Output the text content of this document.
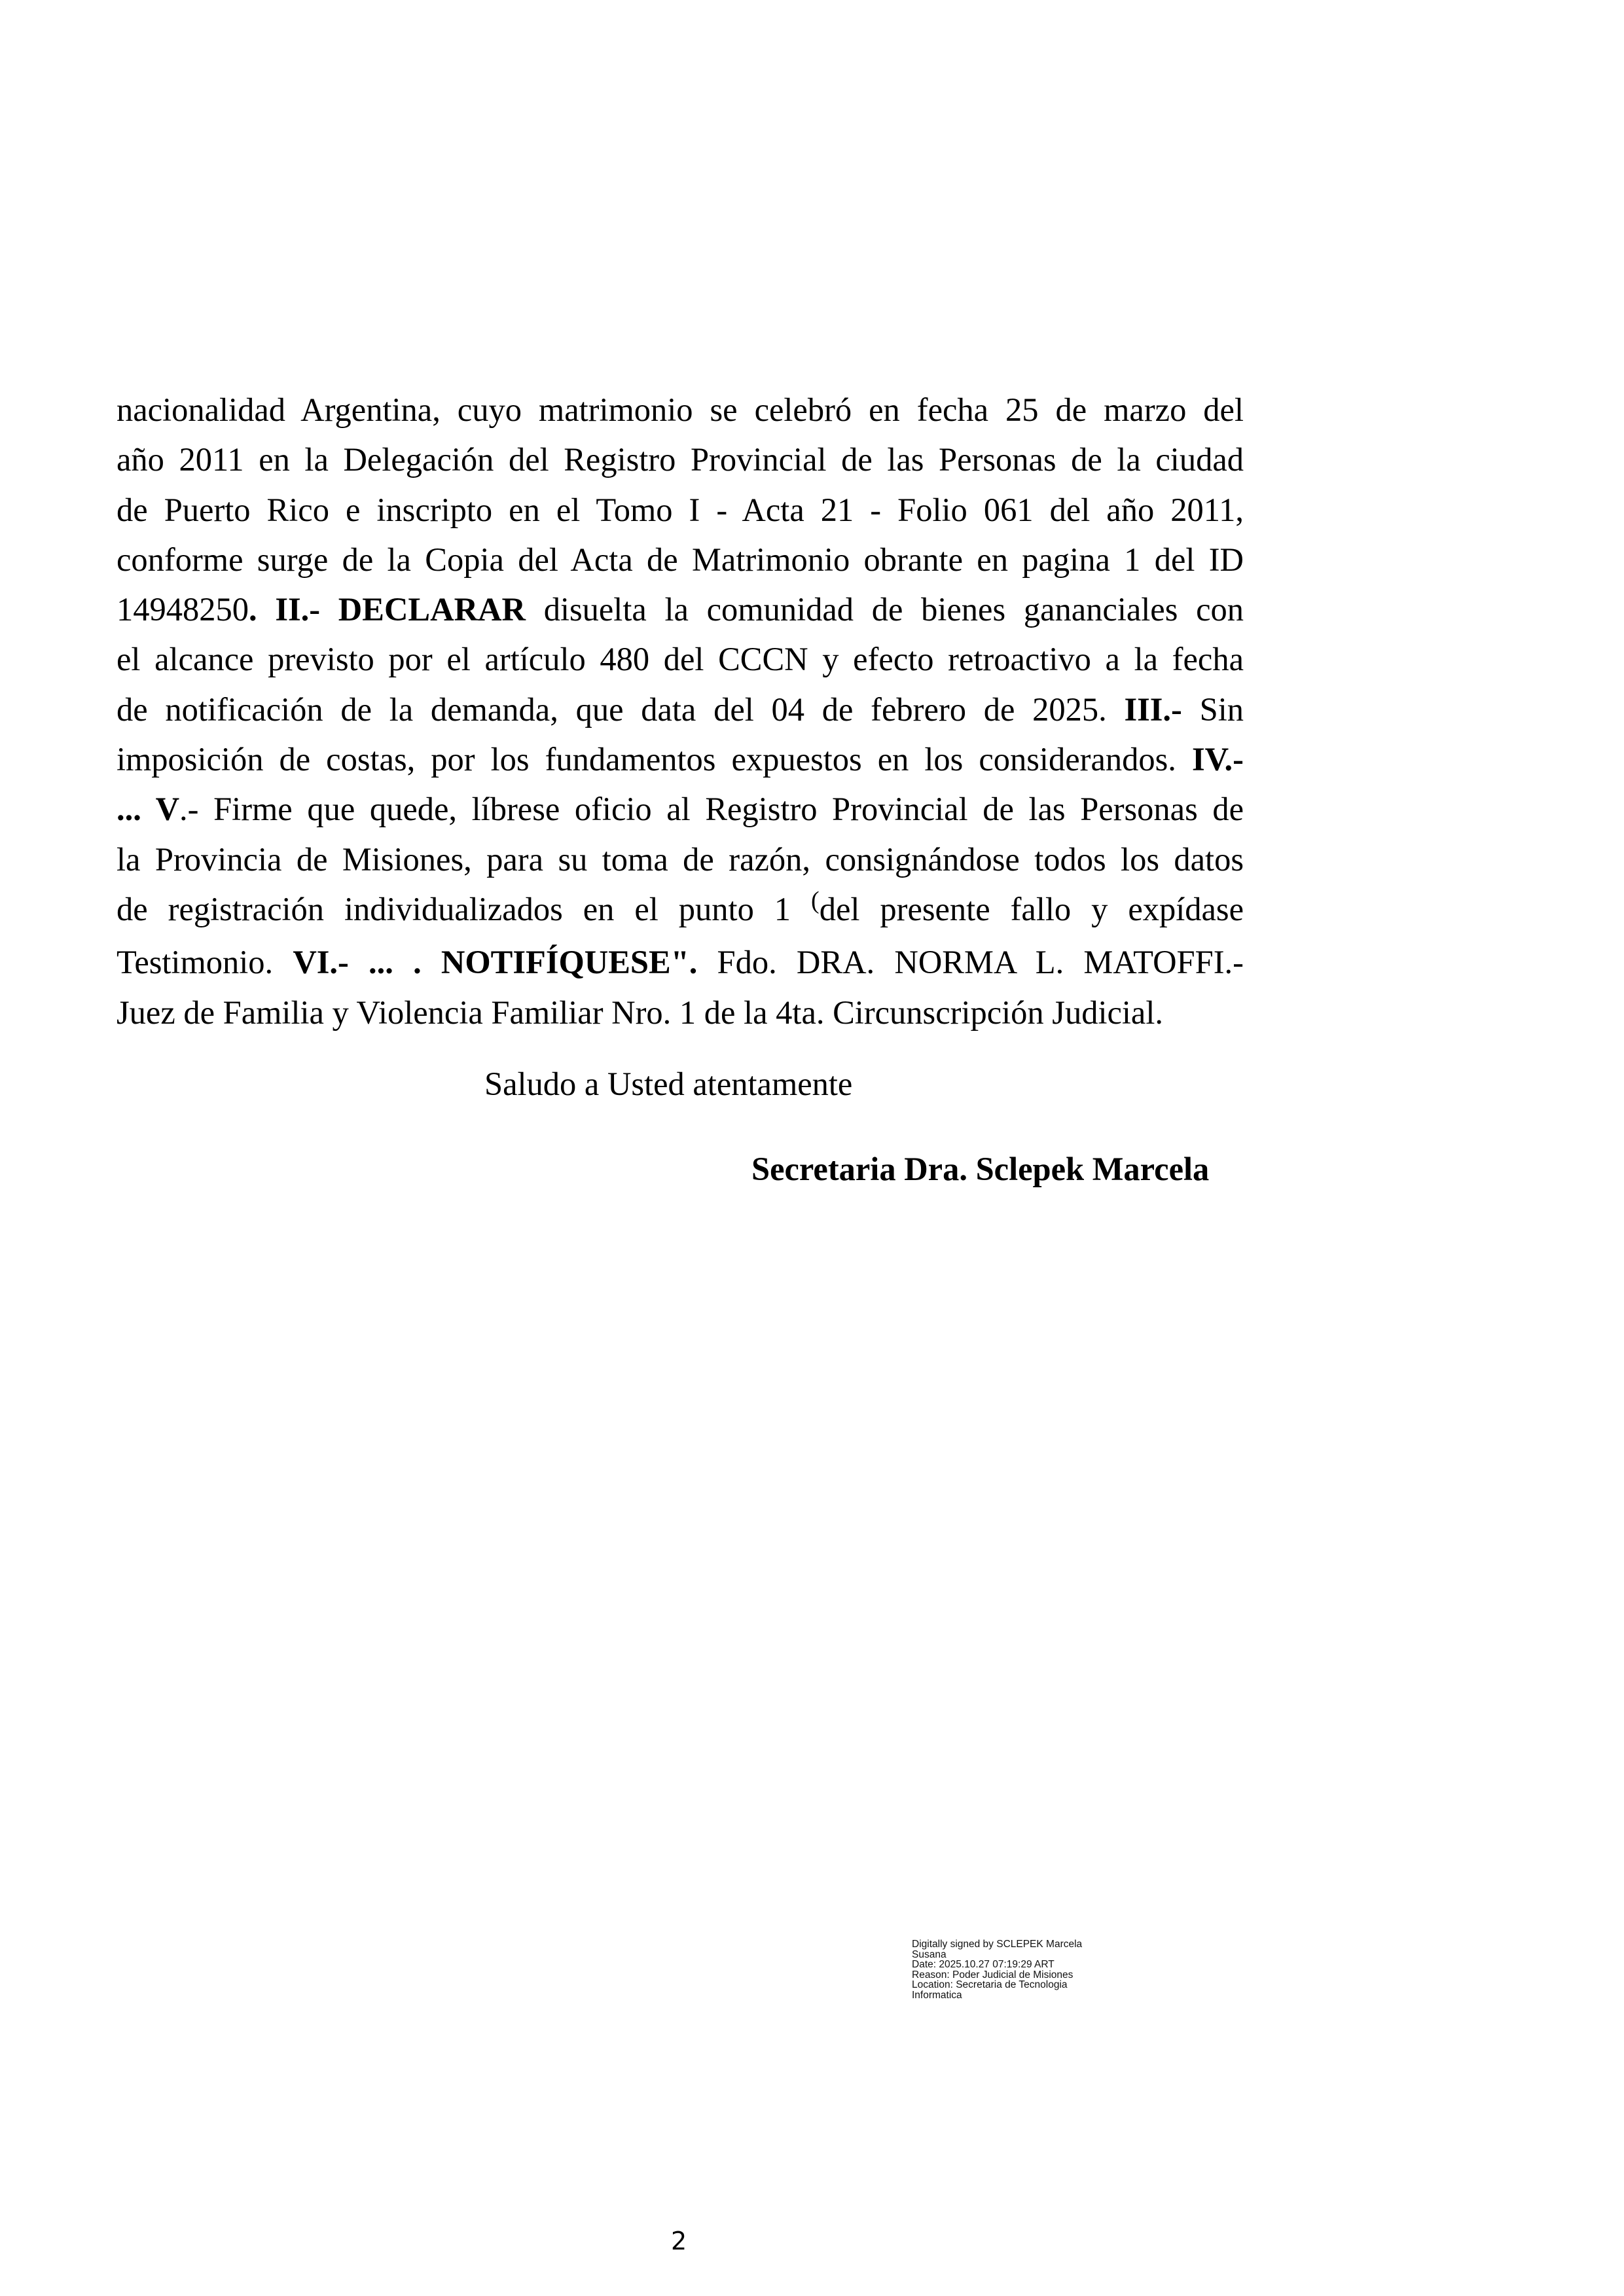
nacionalidad Argentina, cuyo matrimonio se celebró en fecha 25 de marzo del
año 2011 en la Delegación del Registro Provincial de las Personas de la ciudad
de Puerto Rico e inscripto en el Tomo I - Acta 21 - Folio 061 del año 2011,
conforme surge de la Copia del Acta de Matrimonio obrante en pagina 1 del ID
14948250. II.- DECLARAR disuelta la comunidad de bienes gananciales con
el alcance previsto por el artículo 480 del CCCN y efecto retroactivo a la fecha
de notificación de la demanda, que data del 04 de febrero de 2025. III.- Sin
imposición de costas, por los fundamentos expuestos en los considerandos. IV.-
... V.- Firme que quede, líbrese oficio al Registro Provincial de las Personas de
la Provincia de Misiones, para su toma de razón, consignándose todos los datos
de registración individualizados en el punto 1 (del presente fallo y expídase
Testimonio. VI.- ... . NOTIFÍQUESE". Fdo. DRA. NORMA L. MATOFFI.-
Juez de Familia y Violencia Familiar Nro. 1 de la 4ta. Circunscripción Judicial.
Saludo a Usted atentamente
Secretaria Dra. Sclepek Marcela
Digitally signed by SCLEPEK Marcela
Susana
Date: 2025.10.27 07:19:29 ART
Reason: Poder Judicial de Misiones
Location: Secretaria de Tecnologia
Informatica
2
